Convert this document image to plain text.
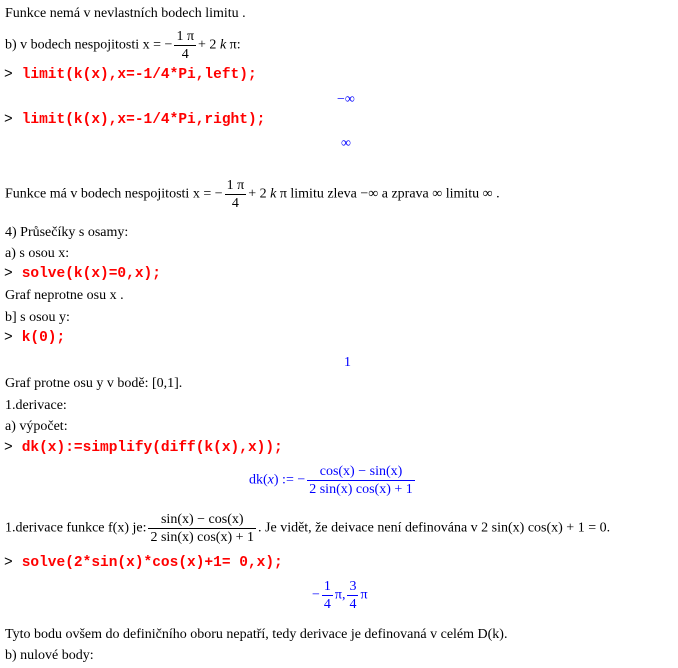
Funkce nemá v nevlastních bodech limitu .
b) v bodech nespojitosti x = − $\frac{1 \pi}{4} + 2$ k π:
> limit(k(x),x=-1/4*Pi,left);
−∞
> limit(k(x),x=-1/4*Pi,right);
∞
Funkce má v bodech nespojitosti x = − $\frac{1 \pi}{4} + 2$ k π limitu zleva −∞ a zprava ∞ limitu ∞ .
4) Průsečíky s osamy:
a) s osou x:
> solve(k(x)=0,x);
Graf neprotne osu x .
b] s osou y:
> k(0);
1
Graf protne osu y v bodě: [0,1].
1.derivace:
a) výpočet:
> dk(x):=simplify(diff(k(x),x));
dk(x) := − $\frac{\cos(x) - \sin(x)}{2 \sin(x) \cos(x) + 1}$
1.derivace funkce f(x) je: $\frac{\sin(x) - \cos(x)}{2 \sin(x) \cos(x) + 1}$ . Je vidět, že deivace není definována v 2 sin(x) cos(x) + 1 = 0.
> solve(2*sin(x)*cos(x)+1= 0,x);
− $\frac{1}{4} \pi$, $\frac{3}{4}$ π
Tyto bodu ovšem do definičního oboru nepatří, tedy derivace je definovaná v celém D(k).
b) nulové body:
